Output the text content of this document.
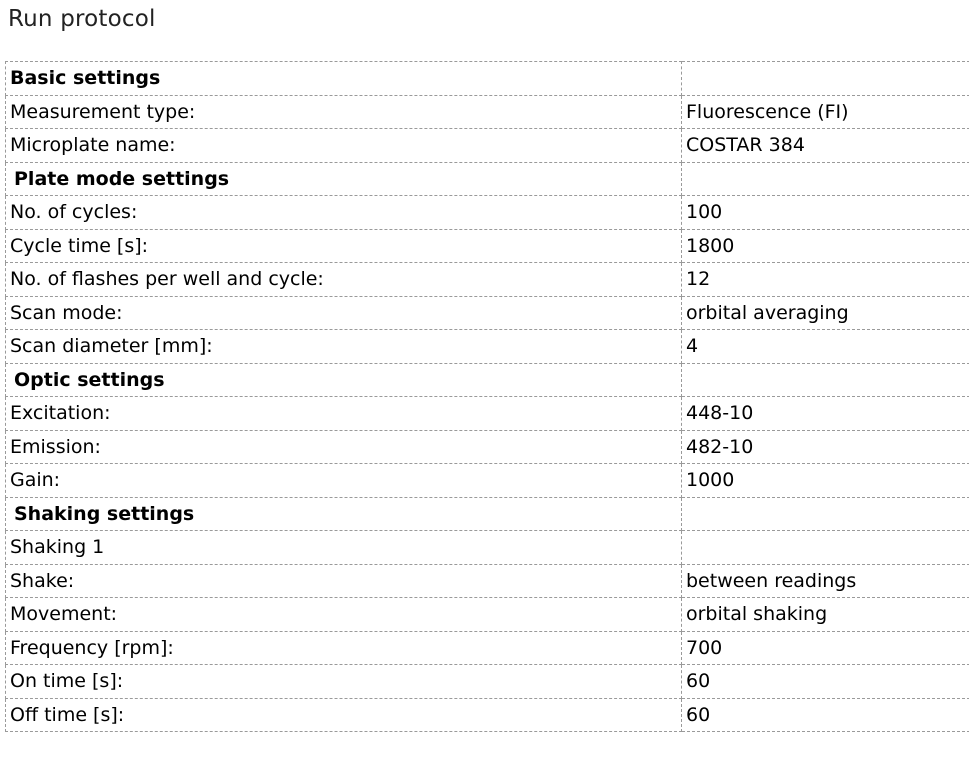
Run protocol
Basic settings	
Measurement type:	Fluorescence (FI)
Microplate name:	COSTAR 384
Plate mode settings	
No. of cycles:	100
Cycle time [s]:	1800
No. of flashes per well and cycle:	12
Scan mode:	orbital averaging
Scan diameter [mm]:	4
Optic settings	
Excitation:	448-10
Emission:	482-10
Gain:	1000
Shaking settings	
Shaking 1	
Shake:	between readings
Movement:	orbital shaking
Frequency [rpm]:	700
On time [s]:	60
Off time [s]:	60
